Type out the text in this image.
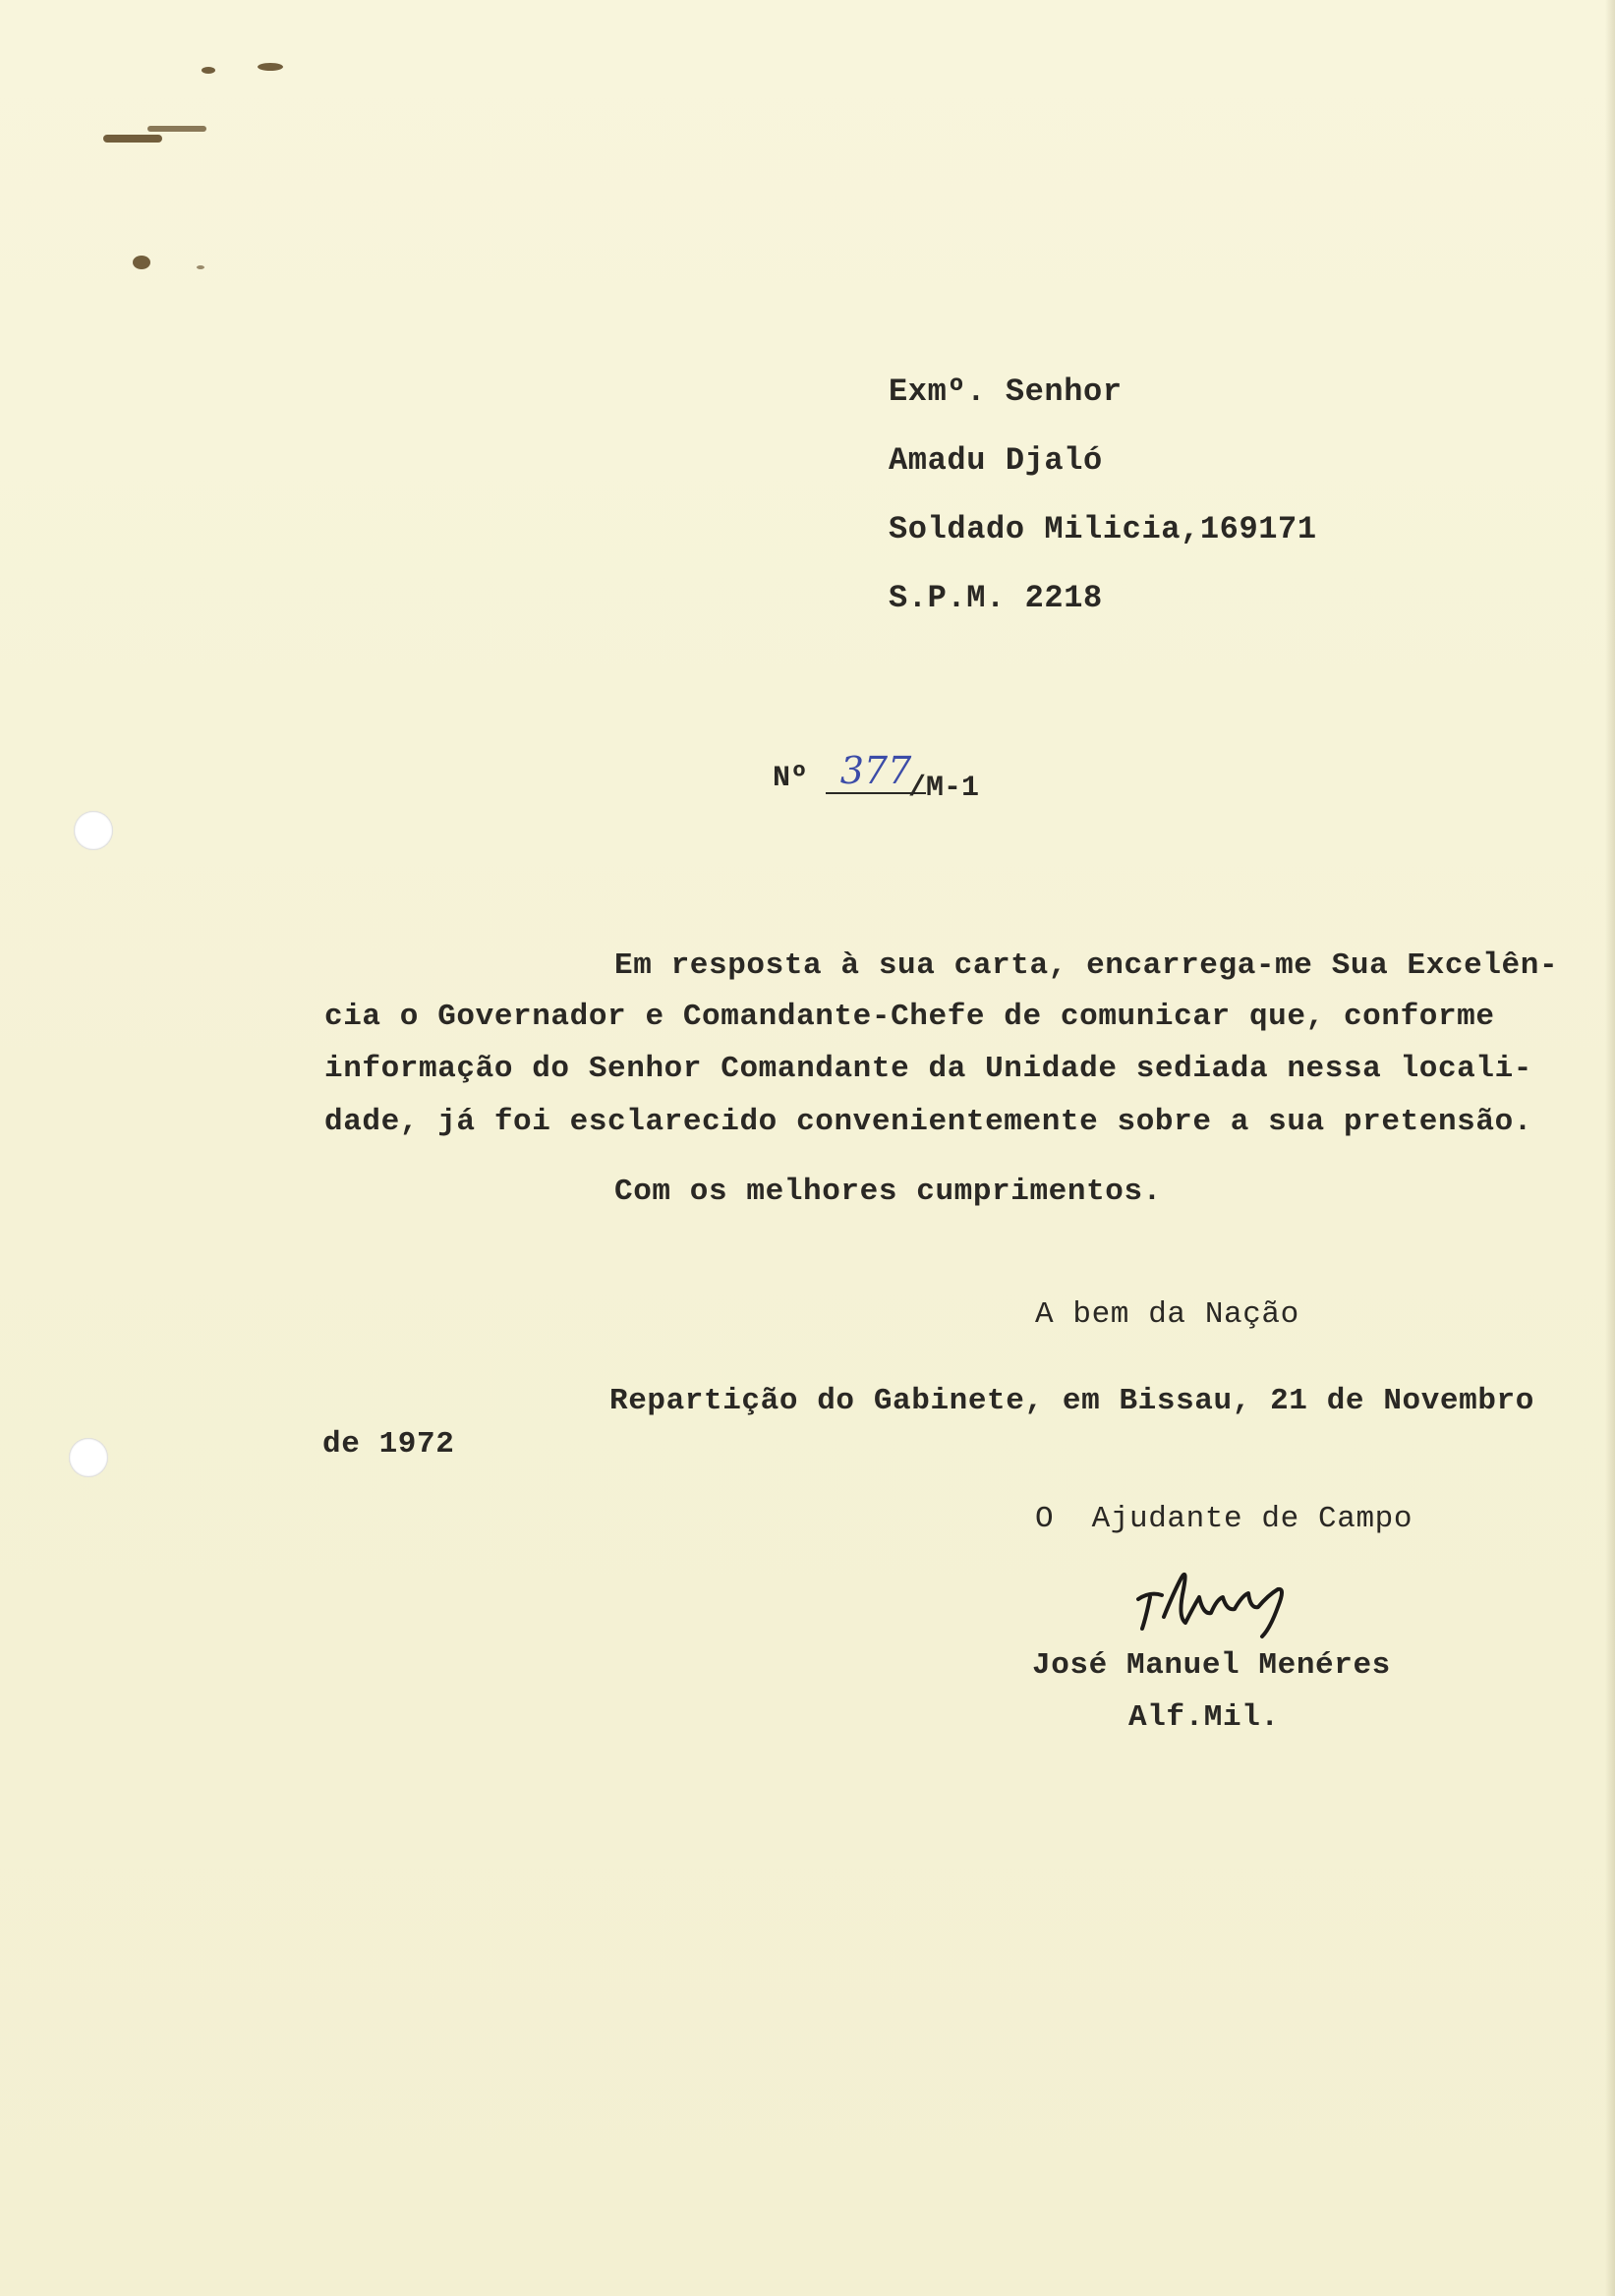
Exmº. Senhor
Amadu Djaló
Soldado Milicia,169171
S.P.M. 2218
Nº 377
/M-1
Em resposta à sua carta, encarrega-me Sua Excelên-
cia o Governador e Comandante-Chefe de comunicar que, conforme
informação do Senhor Comandante da Unidade sediada nessa locali-
dade, já foi esclarecido convenientemente sobre a sua pretensão.
Com os melhores cumprimentos.
A bem da Nação
Repartição do Gabinete, em Bissau, 21 de Novembro
de 1972
O  Ajudante de Campo
José Manuel Menéres
Alf.Mil.
